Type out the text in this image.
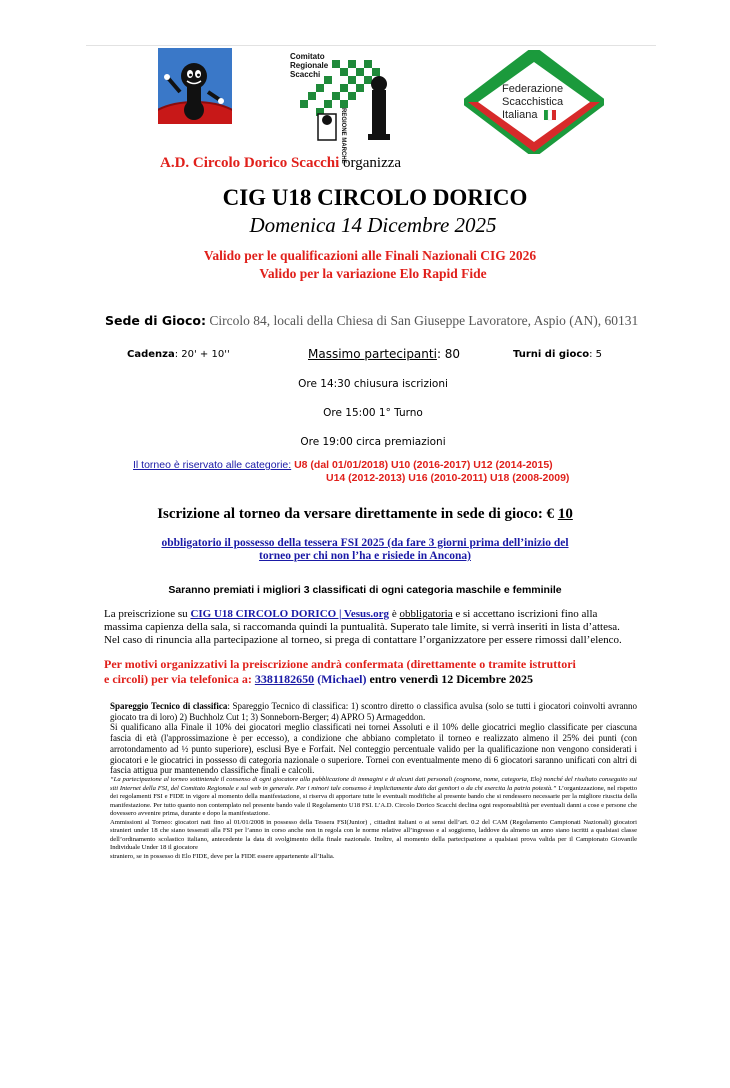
Comitato Regionale Scacchi
REGIONE MARCHE
Federazione
Scacchistica
Italiana
A.D. Circolo Dorico Scacchi organizza
CIG U18 CIRCOLO DORICO
Domenica 14 Dicembre 2025
Valido per le qualificazioni alle Finali Nazionali CIG 2026
Valido per la variazione Elo Rapid Fide
Sede di Gioco: Circolo 84, locali della Chiesa di San Giuseppe Lavoratore, Aspio (AN), 60131
Cadenza: 20' + 10''	Massimo partecipanti: 80	Turni di gioco: 5
Ore 14:30 chiusura iscrizioni
Ore 15:00 1° Turno
Ore 19:00 circa premiazioni
Il torneo è riservato alle categorie: U8 (dal 01/01/2018) U10 (2016-2017) U12 (2014-2015)
U14 (2012-2013) U16 (2010-2011) U18 (2008-2009)
Iscrizione al torneo da versare direttamente in sede di gioco: € 10
obbligatorio il possesso della tessera FSI 2025 (da fare 3 giorni prima dell’inizio del
torneo per chi non l’ha e risiede in Ancona)
Saranno premiati i migliori 3 classificati di ogni categoria maschile e femminile
La preiscrizione su CIG U18 CIRCOLO DORICO | Vesus.org è obbligatoria e si accettano iscrizioni fino alla massima capienza della sala, si raccomanda quindi la puntualità. Superato tale limite, si verrà inseriti in lista d’attesa.
Nel caso di rinuncia alla partecipazione al torneo, si prega di contattare l’organizzatore per essere rimossi dall’elenco.
Per motivi organizzativi la preiscrizione andrà confermata (direttamente o tramite istruttori
e circoli) per via telefonica a: 3381182650 (Michael) entro venerdì 12 Dicembre 2025
Spareggio Tecnico di classifica: Spareggio Tecnico di classifica: 1) scontro diretto o classifica avulsa (solo se tutti i giocatori coinvolti avranno giocato tra di loro) 2) Buchholz Cut 1; 3) Sonneborn-Berger; 4) APRO 5) Armageddon.
Si qualificano alla Finale il 10% dei giocatori meglio classificati nei tornei Assoluti e il 10% delle giocatrici meglio classificate per ciascuna fascia di età (l'approssimazione è per eccesso), a condizione che abbiano completato il torneo e realizzato almeno il 25% dei punti (con arrotondamento ad ½ punto superiore), esclusi Bye e Forfait. Nel conteggio percentuale valido per la qualificazione non vengono considerati i giocatori e le giocatrici in possesso di categoria nazionale o superiore. Tornei con eventualmente meno di 6 giocatori saranno unificati con altri di fascia attigua pur mantenendo classifiche finali e calcoli.
“La partecipazione al torneo sottintende il consenso di ogni giocatore alla pubblicazione di immagini e di alcuni dati personali (cognome, nome, categoria, Elo) nonché del risultato conseguito sui siti Internet della FSI, del Comitato Regionale e sul web in generale. Per i minori tale consenso è implicitamente dato dai genitori o da chi esercita la patria potestà.” L’organizzazione, nel rispetto dei regolamenti FSI e FIDE in vigore al momento della manifestazione, si riserva di apportare tutte le eventuali modifiche al presente bando che si rendessero necessarie per la migliore riuscita della manifestazione. Per tutto quanto non contemplato nel presente bando vale il Regolamento U18 FSI. L’A.D. Circolo Dorico Scacchi declina ogni responsabilità per eventuali danni a cose e persone che dovessero avvenire prima, durante e dopo la manifestazione.
Ammissioni al Torneo: giocatori nati fino al 01/01/2008 in possesso della Tessera FSI(Junior) , cittadini italiani o ai sensi dell’art. 0.2 del CAM (Regolamento Campionati Nazionali) giocatori stranieri under 18 che siano tesserati alla FSI per l’anno in corso anche non in regola con le norme relative all’ingresso e al soggiorno, laddove da almeno un anno siano iscritti a qualsiasi classe dell’ordinamento scolastico italiano, antecedente la data di svolgimento della finale nazionale. Inoltre, al momento della partecipazione a qualsiasi prova valida per il Campionato Giovanile Individuale Under 18 il giocatore
straniero, se in possesso di Elo FIDE, deve per la FIDE essere appartenente all’Italia.
